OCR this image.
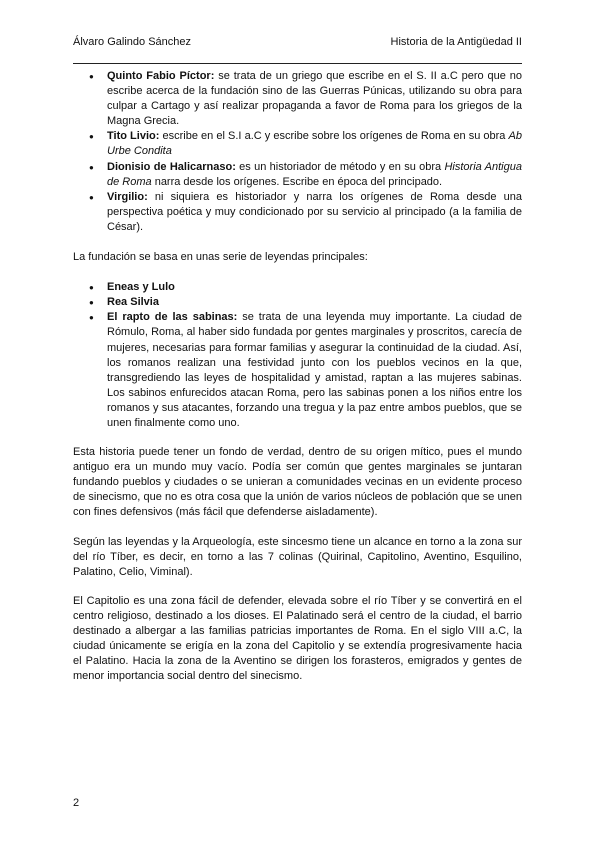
Álvaro Galindo Sánchez	Historia de la Antigüedad II
● Quinto Fabio Píctor: se trata de un griego que escribe en el S. II a.C pero que no escribe acerca de la fundación sino de las Guerras Púnicas, utilizando su obra para culpar a Cartago y así realizar propaganda a favor de Roma para los griegos de la Magna Grecia.
● Tito Livio: escribe en el S.I a.C y escribe sobre los orígenes de Roma en su obra Ab Urbe Condita
● Dionisio de Halicarnaso: es un historiador de método y en su obra Historia Antigua de Roma narra desde los orígenes. Escribe en época del principado.
● Virgilio: ni siquiera es historiador y narra los orígenes de Roma desde una perspectiva poética y muy condicionado por su servicio al principado (a la familia de César).

La fundación se basa en unas serie de leyendas principales:

● Eneas y Lulo
● Rea Silvia
● El rapto de las sabinas: se trata de una leyenda muy importante. La ciudad de Rómulo, Roma, al haber sido fundada por gentes marginales y proscritos, carecía de mujeres, necesarias para formar familias y asegurar la continuidad de la ciudad. Así, los romanos realizan una festividad junto con los pueblos vecinos en la que, transgrediendo las leyes de hospitalidad y amistad, raptan a las mujeres sabinas. Los sabinos enfurecidos atacan Roma, pero las sabinas ponen a los niños entre los romanos y sus atacantes, forzando una tregua y la paz entre ambos pueblos, que se unen finalmente como uno.

Esta historia puede tener un fondo de verdad, dentro de su origen mítico, pues el mundo antiguo era un mundo muy vacío. Podía ser común que gentes marginales se juntaran fundando pueblos y ciudades o se unieran a comunidades vecinas en un evidente proceso de sinecismo, que no es otra cosa que la unión de varios núcleos de población que se unen con fines defensivos (más fácil que defenderse aisladamente).

Según las leyendas y la Arqueología, este sincesmo tiene un alcance en torno a la zona sur del río Tíber, es decir, en torno a las 7 colinas (Quirinal, Capitolino, Aventino, Esquilino, Palatino, Celio, Viminal).

El Capitolio es una zona fácil de defender, elevada sobre el río Tíber y se convertirá en el centro religioso, destinado a los dioses. El Palatinado será el centro de la ciudad, el barrio destinado a albergar a las familias patricias importantes de Roma. En el siglo VIII a.C, la ciudad únicamente se erigía en la zona del Capitolio y se extendía progresivamente hacia el Palatino. Hacia la zona de la Aventino se dirigen los forasteros, emigrados y gentes de menor importancia social dentro del sinecismo.

2
